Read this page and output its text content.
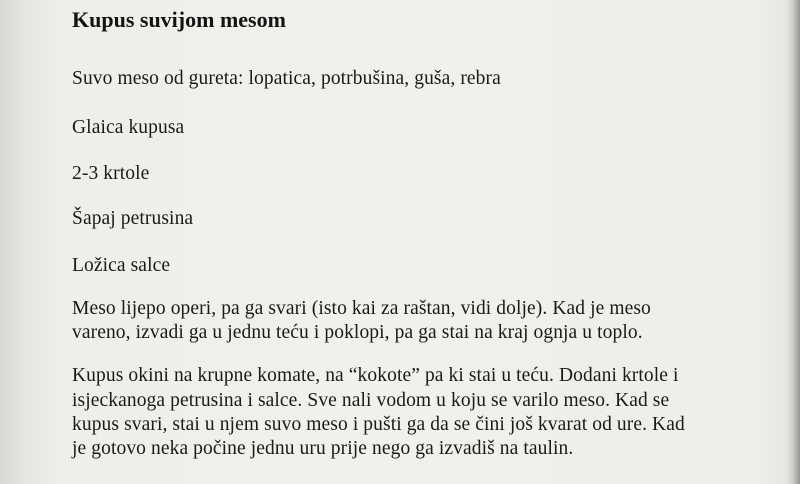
Kupus suvijom mesom
Suvo meso od gureta: lopatica, potrbušina, guša, rebra
Glaica kupusa
2-3 krtole
Šapaj petrusina
Ložica salce
Meso lijepo operi, pa ga svari (isto kai za raštan, vidi dolje). Kad je meso
vareno, izvadi ga u jednu teću i poklopi, pa ga stai na kraj ognja u toplo.
Kupus okini na krupne komate, na “kokote” pa ki stai u teću. Dodani krtole i
isjeckanoga petrusina i salce. Sve nali vodom u koju se varilo meso. Kad se
kupus svari, stai u njem suvo meso i pušti ga da se čini još kvarat od ure. Kad
je gotovo neka počine jednu uru prije nego ga izvadiš na taulin.
